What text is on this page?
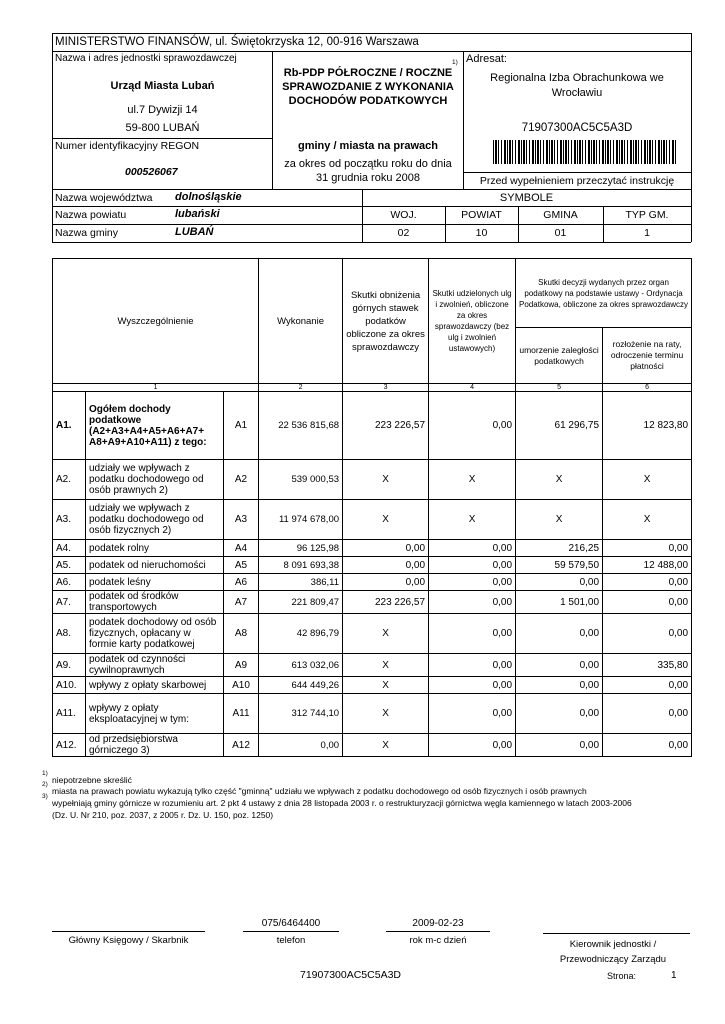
MINISTERSTWO FINANSÓW, ul. Świętokrzyska 12, 00-916 Warszawa
Nazwa i adres jednostki sprawozdawczej
Urząd Miasta Lubań
ul.7 Dywizji 14
59-800 LUBAŃ
Numer identyfikacyjny REGON
000526067
1)
Rb-PDP PÓŁROCZNE / ROCZNE SPRAWOZDANIE Z WYKONANIA DOCHODÓW PODATKOWYCH
gminy / miasta na prawach
za okres od początku roku do dnia 31 grudnia roku 2008
Adresat:
Regionalna Izba Obrachunkowa we Wrocławiu
71907300AC5C5A3D
Przed wypełnieniem przeczytać instrukcję
Nazwa województwa dolnośląskie
Nazwa powiatu	lubański
Nazwa gminy	LUBAŃ
SYMBOLE
WOJ.	POWIAT	GMINA	TYP GM.
02	10	01	1
Wyszczególnienie			Wykonanie	Skutki obniżenia górnych stawek podatków obliczone za okres sprawozdawczy	Skutki udzielonych ulg i zwolnień, obliczone za okres sprawozdawczy (bez ulg i zwolnień ustawowych)	Skutki decyzji wydanych przez organ podatkowy na podstawie ustawy - Ordynacja Podatkowa, obliczone za okres sprawozdawczy	
						umorzenie zaległości podatkowych	rozłożenie na raty, odroczenie terminu płatności
1			2	3	4	5	6
A1.	Ogółem dochody podatkowe (A2+A3+A4+A5+A6+A7+ A8+A9+A10+A11) z tego:	A1	22 536 815,68	223 226,57	0,00	61 296,75	12 823,80
A2.	udziały we wpływach z podatku dochodowego od osób prawnych 2)	A2	539 000,53	X	X	X	X
A3.	udziały we wpływach z podatku dochodowego od osób fizycznych 2)	A3	11 974 678,00	X	X	X	X
A4.	podatek rolny	A4	96 125,98	0,00	0,00	216,25	0,00
A5.	podatek od nieruchomości	A5	8 091 693,38	0,00	0,00	59 579,50	12 488,00
A6.	podatek leśny	A6	386,11	0,00	0,00	0,00	0,00
A7.	podatek od środków transportowych	A7	221 809,47	223 226,57	0,00	1 501,00	0,00
A8.	podatek dochodowy od osób fizycznych, opłacany w formie karty podatkowej	A8	42 896,79	X	0,00	0,00	0,00
A9.	podatek od czynności cywilnoprawnych	A9	613 032,06	X	0,00	0,00	335,80
A10.	wpływy z opłaty skarbowej	A10	644 449,26	X	0,00	0,00	0,00
A11.	wpływy z opłaty eksploatacyjnej w tym:	A11	312 744,10	X	0,00	0,00	0,00
A12.	od przedsiębiorstwa górniczego 3)	A12	0,00	X	0,00	0,00	0,00
1)
niepotrzebne skreślić
2)
miasta na prawach powiatu wykazują tylko część "gminną" udziału we wpływach z podatku dochodowego od osób fizycznych i osób prawnych
3)
wypełniają gminy górnicze w rozumieniu art. 2 pkt 4 ustawy z dnia 28 listopada 2003 r. o restrukturyzacji górnictwa węgla kamiennego w latach 2003-2006
(Dz. U. Nr 210, poz. 2037, z 2005 r. Dz. U. 150, poz. 1250)
075/6464400	2009-02-23
Główny Księgowy / Skarbnik	telefon	rok m-c dzień	Kierownik jednostki / Przewodniczący Zarządu
71907300AC5C5A3D	Strona:	1
